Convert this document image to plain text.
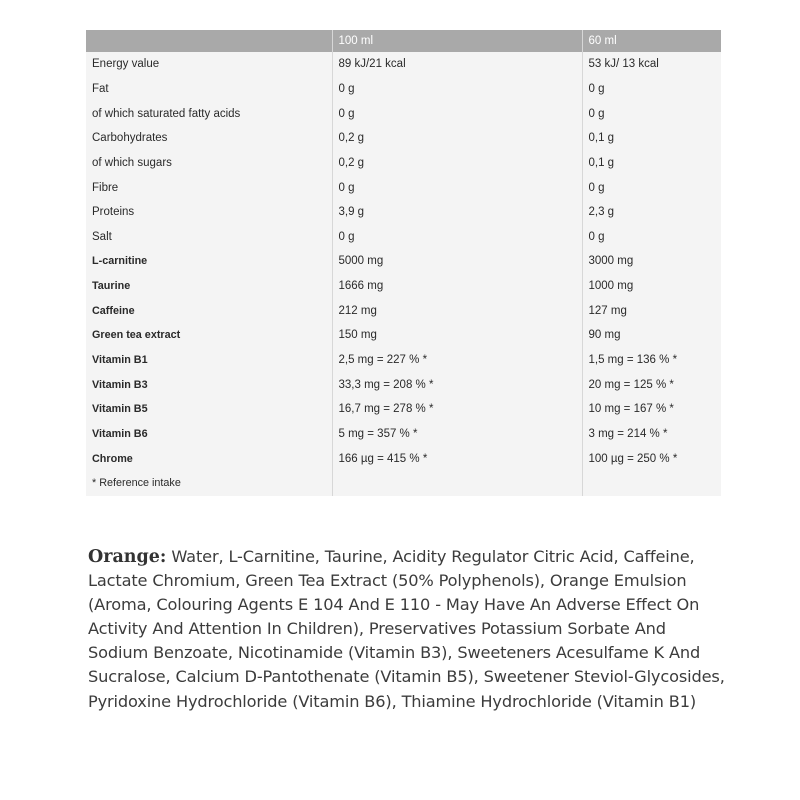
	100 ml	60 ml
Energy value	89 kJ/21 kcal	53 kJ/ 13 kcal
Fat	0 g	0 g
of which saturated fatty acids	0 g	0 g
Carbohydrates	0,2 g	0,1 g
of which sugars	0,2 g	0,1 g
Fibre	0 g	0 g
Proteins	3,9 g	2,3 g
Salt	0 g	0 g
L-carnitine	5000 mg	3000 mg
Taurine	1666 mg	1000 mg
Caffeine	212 mg	127 mg
Green tea extract	150 mg	90 mg
Vitamin B1	2,5 mg = 227 % *	1,5 mg = 136 % *
Vitamin B3	33,3 mg = 208 % *	20 mg = 125 % *
Vitamin B5	16,7 mg = 278 % *	10 mg = 167 % *
Vitamin B6	5 mg = 357 % *	3 mg = 214 % *
Chrome	166 µg = 415 % *	100 µg = 250 % *
* Reference intake		
Orange: Water, L-Carnitine, Taurine, Acidity Regulator Citric Acid, Caffeine, Lactate Chromium, Green Tea Extract (50% Polyphenols), Orange Emulsion (Aroma, Colouring Agents E 104 And E 110 - May Have An Adverse Effect On Activity And Attention In Children), Preservatives Potassium Sorbate And Sodium Benzoate, Nicotinamide (Vitamin B3), Sweeteners Acesulfame K And Sucralose, Calcium D-Pantothenate (Vitamin B5), Sweetener Steviol-Glycosides, Pyridoxine Hydrochloride (Vitamin B6), Thiamine Hydrochloride (Vitamin B1)
